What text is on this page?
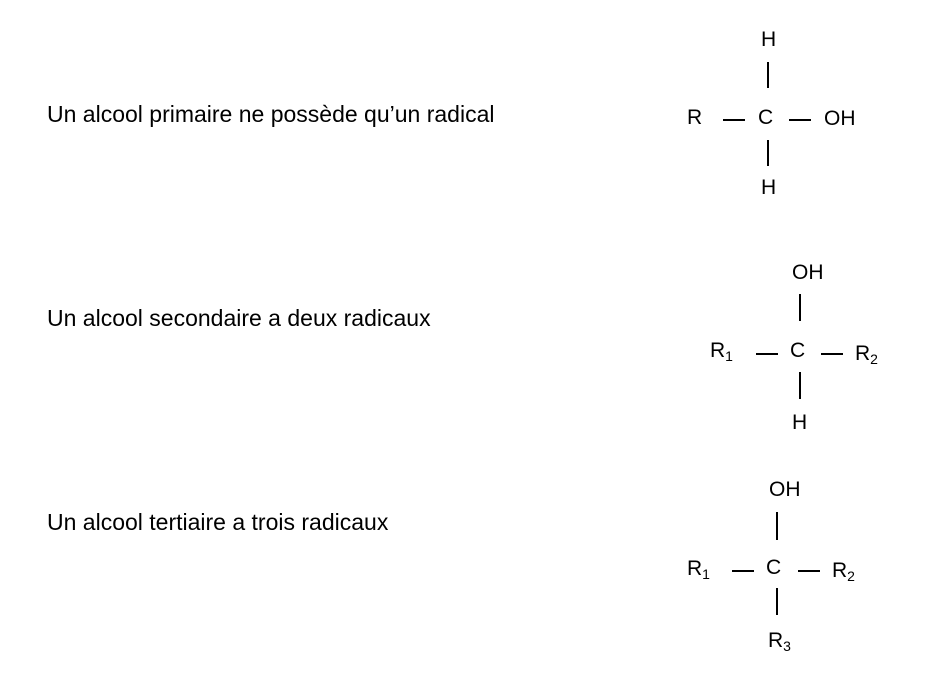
Un alcool primaire ne possède qu’un radical
H
R	C OH
H
Un alcool secondaire a deux radicaux
OH
$R_1$	C $R_2$
H
Un alcool tertiaire a trois radicaux
OH
$R_1$	C $R_2$
$R_3$
